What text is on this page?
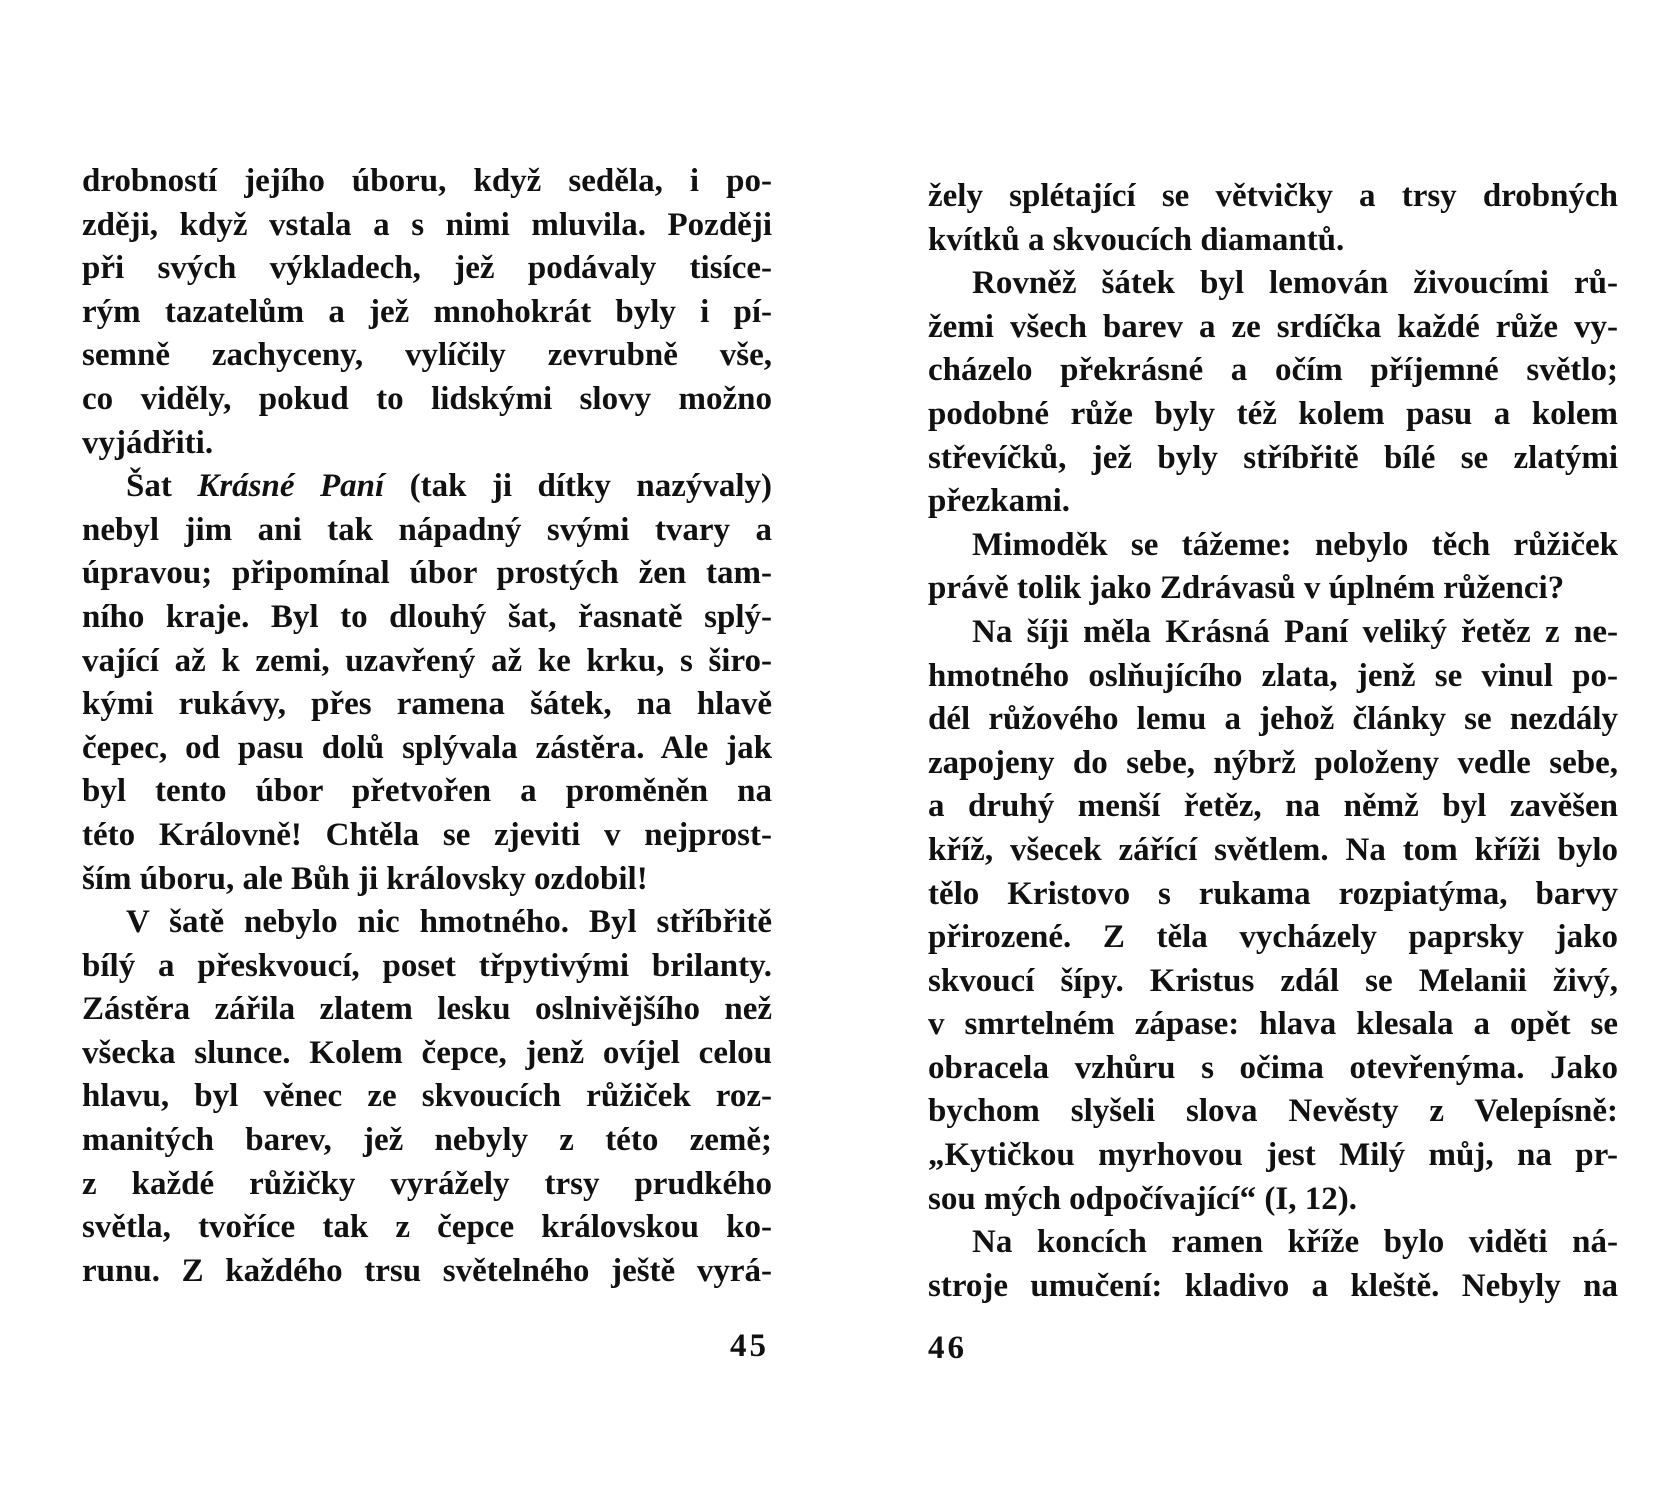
drobností jejího úboru, když seděla, i po-
zději, když vstala a s nimi mluvila. Později
při svých výkladech, jež podávaly tisíce-
rým tazatelům a jež mnohokrát byly i pí-
semně zachyceny, vylíčily zevrubně vše,
co viděly, pokud to lidskými slovy možno
vyjádřiti.
Šat Krásné Paní (tak ji dítky nazývaly)
nebyl jim ani tak nápadný svými tvary a
úpravou; připomínal úbor prostých žen tam-
ního kraje. Byl to dlouhý šat, řasnatě splý-
vající až k zemi, uzavřený až ke krku, s širo-
kými rukávy, přes ramena šátek, na hlavě
čepec, od pasu dolů splývala zástěra. Ale jak
byl tento úbor přetvořen a proměněn na
této Královně! Chtěla se zjeviti v nejprost-
ším úboru, ale Bůh ji královsky ozdobil!
V šatě nebylo nic hmotného. Byl stříbřitě
bílý a přeskvoucí, poset třpytivými brilanty.
Zástěra zářila zlatem lesku oslnivějšího než
všecka slunce. Kolem čepce, jenž ovíjel celou
hlavu, byl věnec ze skvoucích růžiček roz-
manitých barev, jež nebyly z této země;
z každé růžičky vyrážely trsy prudkého
světla, tvoříce tak z čepce královskou ko-
runu. Z každého trsu světelného ještě vyrá-
45
žely splétající se větvičky a trsy drobných
kvítků a skvoucích diamantů.
Rovněž šátek byl lemován živoucími rů-
žemi všech barev a ze srdíčka každé růže vy-
cházelo překrásné a očím příjemné světlo;
podobné růže byly též kolem pasu a kolem
střevíčků, jež byly stříbřitě bílé se zlatými
přezkami.
Mimoděk se tážeme: nebylo těch růžiček
právě tolik jako Zdrávasů v úplném růženci?
Na šíji měla Krásná Paní veliký řetěz z ne-
hmotného oslňujícího zlata, jenž se vinul po-
dél růžového lemu a jehož články se nezdály
zapojeny do sebe, nýbrž položeny vedle sebe,
a druhý menší řetěz, na němž byl zavěšen
kříž, všecek zářící světlem. Na tom kříži bylo
tělo Kristovo s rukama rozpiatýma, barvy
přirozené. Z těla vycházely paprsky jako
skvoucí šípy. Kristus zdál se Melanii živý,
v smrtelném zápase: hlava klesala a opět se
obracela vzhůru s očima otevřenýma. Jako
bychom slyšeli slova Nevěsty z Velepísně:
„Kytičkou myrhovou jest Milý můj, na pr-
sou mých odpočívající“ (I, 12).
Na koncích ramen kříže bylo viděti ná-
stroje umučení: kladivo a kleště. Nebyly na
46
